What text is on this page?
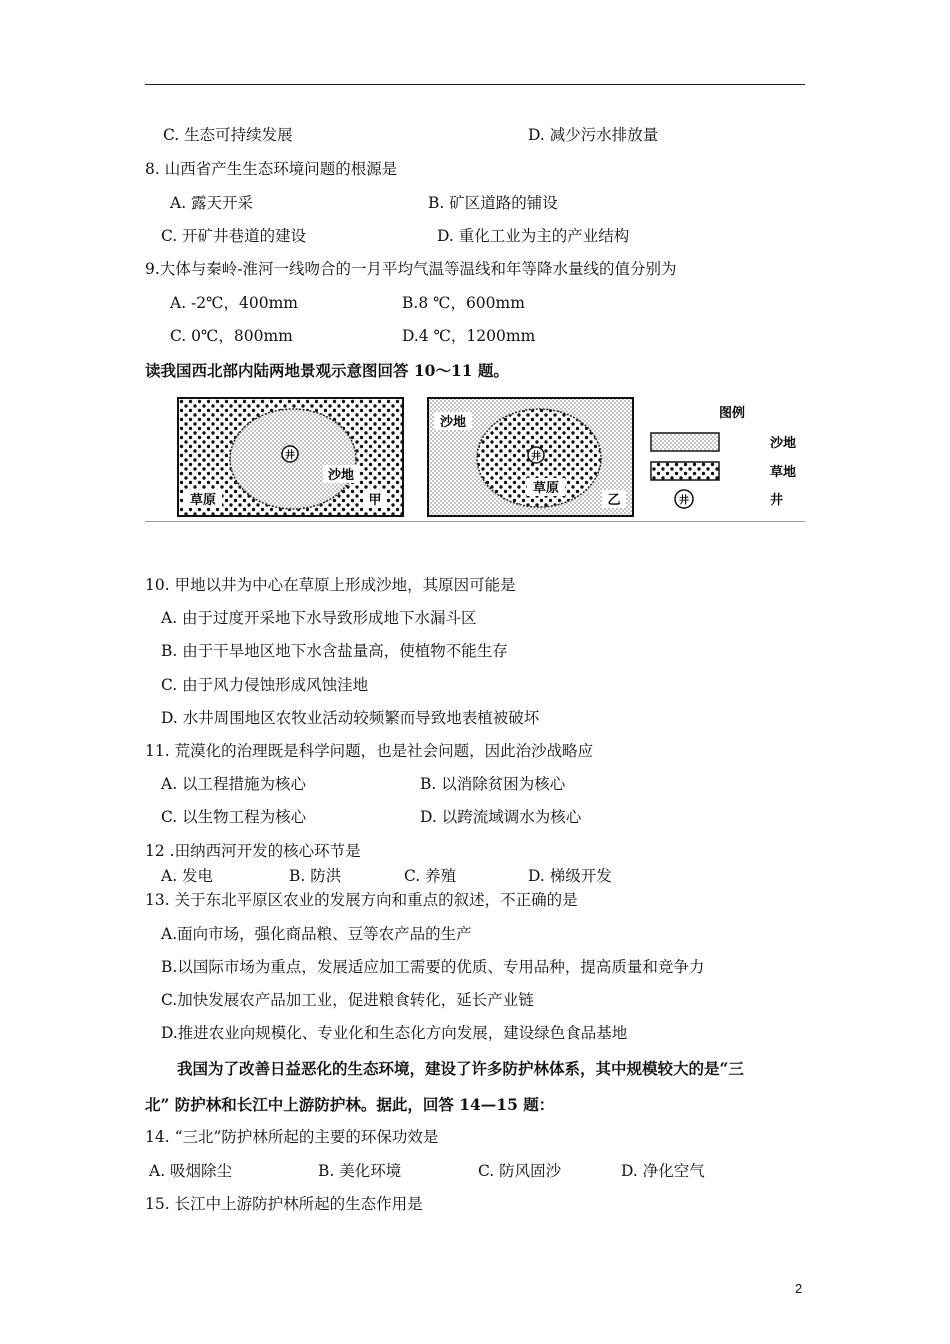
C. 生态可持续发展	D. 减少污水排放量
8. 山西省产生生态环境问题的根源是
A. 露天开采	B. 矿区道路的铺设
C. 开矿井巷道的建设	D. 重化工业为主的产业结构
9.大体与秦岭-淮河一线吻合的一月平均气温等温线和年等降水量线的值分别为
A. -2℃，400mm	B.8 ℃，600mm
C. 0℃，800mm	D.4 ℃，1200mm
读我国西北部内陆两地景观示意图回答 10～11 题。
沙地
井
草原	甲
沙地
井
草原
乙
图例
沙地
草地
井	井
10. 甲地以井为中心在草原上形成沙地，其原因可能是
A. 由于过度开采地下水导致形成地下水漏斗区
B. 由于干旱地区地下水含盐量高，使植物不能生存
C. 由于风力侵蚀形成风蚀洼地
D. 水井周围地区农牧业活动较频繁而导致地表植被破坏
11. 荒漠化的治理既是科学问题，也是社会问题，因此治沙战略应
A. 以工程措施为核心	B. 以消除贫困为核心
C. 以生物工程为核心	D. 以跨流域调水为核心
12 .田纳西河开发的核心环节是
A. 发电	B. 防洪	C. 养殖	D. 梯级开发
13. 关于东北平原区农业的发展方向和重点的叙述，不正确的是
A.面向市场，强化商品粮、豆等农产品的生产
B.以国际市场为重点，发展适应加工需要的优质、专用品种，提高质量和竞争力
C.加快发展农产品加工业，促进粮食转化，延长产业链
D.推进农业向规模化、专业化和生态化方向发展，建设绿色食品基地
我国为了改善日益恶化的生态环境，建设了许多防护林体系，其中规模较大的是“三
北” 防护林和长江中上游防护林。据此，回答 14—15 题：
14. “三北”防护林所起的主要的环保功效是
A. 吸烟除尘	B. 美化环境	C. 防风固沙	D. 净化空气
15. 长江中上游防护林所起的生态作用是
2
